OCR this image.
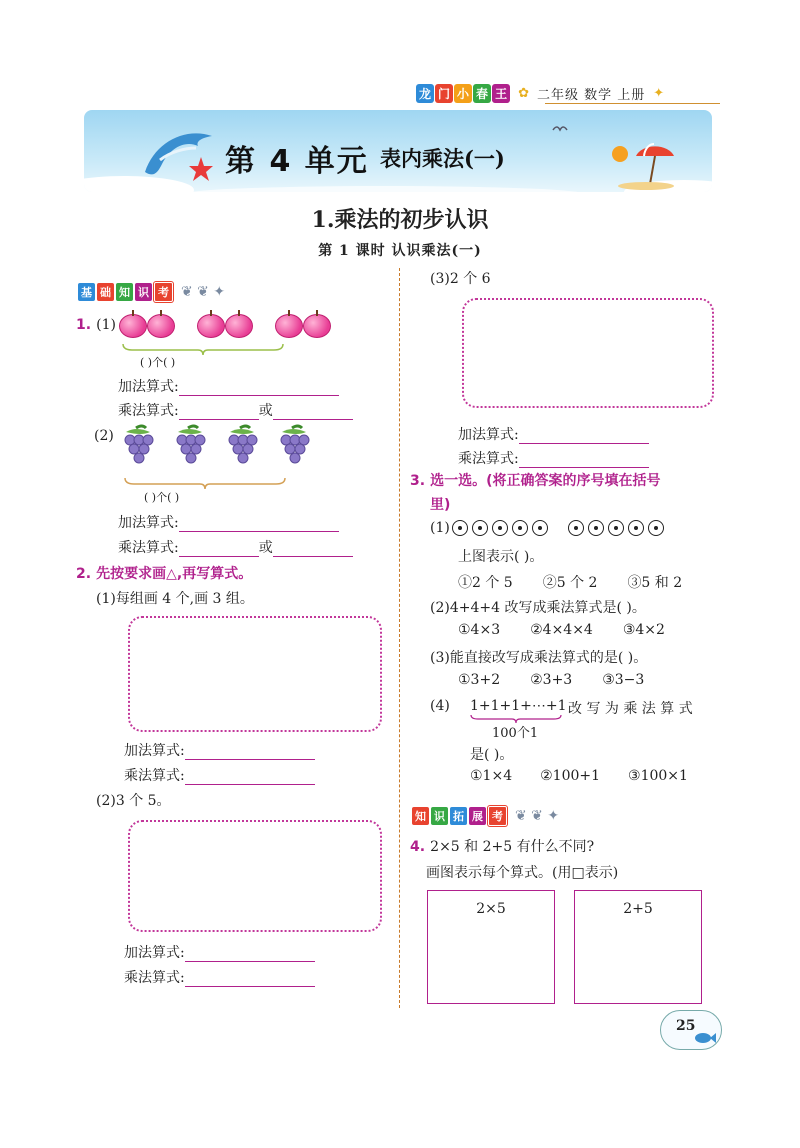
龙 门 小 春 王 ✿ 二年级 数学 上册 ✦
第 4 单元 表内乘法(一)
1.乘法的初步认识
第 1 课时 认识乘法(一)
基 础 知 识 考 ❦ ❦ ✦
1. (1)
( )个( )
加法算式:
乘法算式:	或
(2)
( )个( )
加法算式:
乘法算式:	或
2. 先按要求画△,再写算式。
(1)每组画 4 个,画 3 组。
加法算式:
乘法算式:
(2)3 个 5。
加法算式:
乘法算式:
(3)2 个 6
加法算式:
乘法算式:
3. 选一选。(将正确答案的序号填在括号
里)
(1)
上图表示( )。
①2 个 5 ②5 个 2 ③5 和 2
(2)4+4+4 改写成乘法算式是( )。
①4×3 ②4×4×4 ③4×2
(3)能直接改写成乘法算式的是( )。
①3+2 ②3+3 ③3−3
(4) 1+1+1+⋯+1
100个1
改 写 为 乘 法 算 式
是( )。
①1×4 ②100+1 ③100×1
知 识 拓 展 考 ❦ ❦ ✦
4. 2×5 和 2+5 有什么不同?
画图表示每个算式。(用□表示)
2×5	2+5
25
